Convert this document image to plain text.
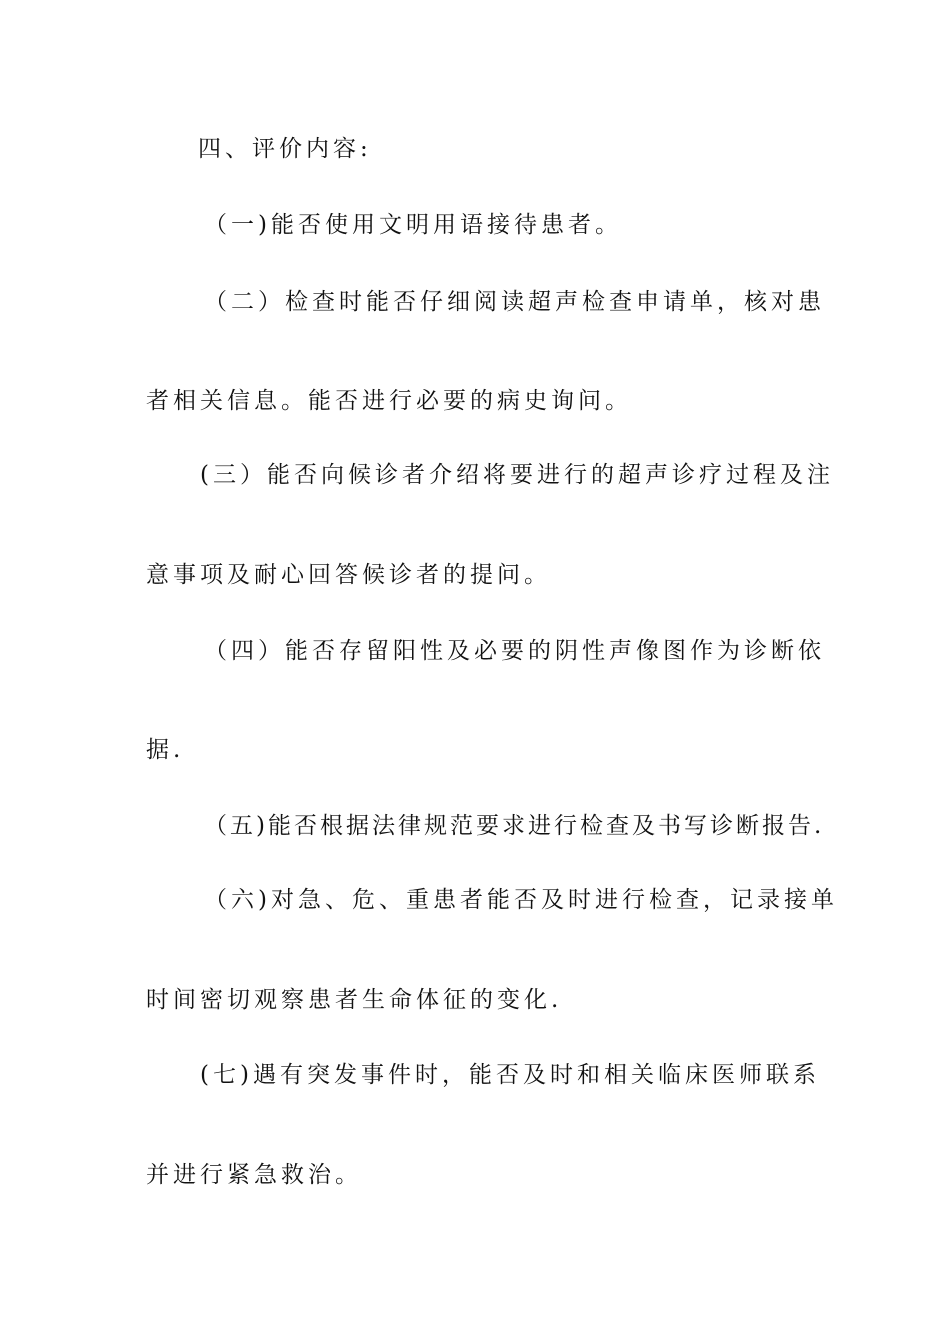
四、评价内容:
（一)能否使用文明用语接待患者。
（二）检查时能否仔细阅读超声检查申请单，核对患
者相关信息。能否进行必要的病史询问。
(三）能否向候诊者介绍将要进行的超声诊疗过程及注
意事项及耐心回答候诊者的提问。
（四）能否存留阳性及必要的阴性声像图作为诊断依
据.
（五)能否根据法律规范要求进行检查及书写诊断报告.
（六)对急、危、重患者能否及时进行检查，记录接单
时间密切观察患者生命体征的变化.
(七)遇有突发事件时，能否及时和相关临床医师联系
并进行紧急救治。
